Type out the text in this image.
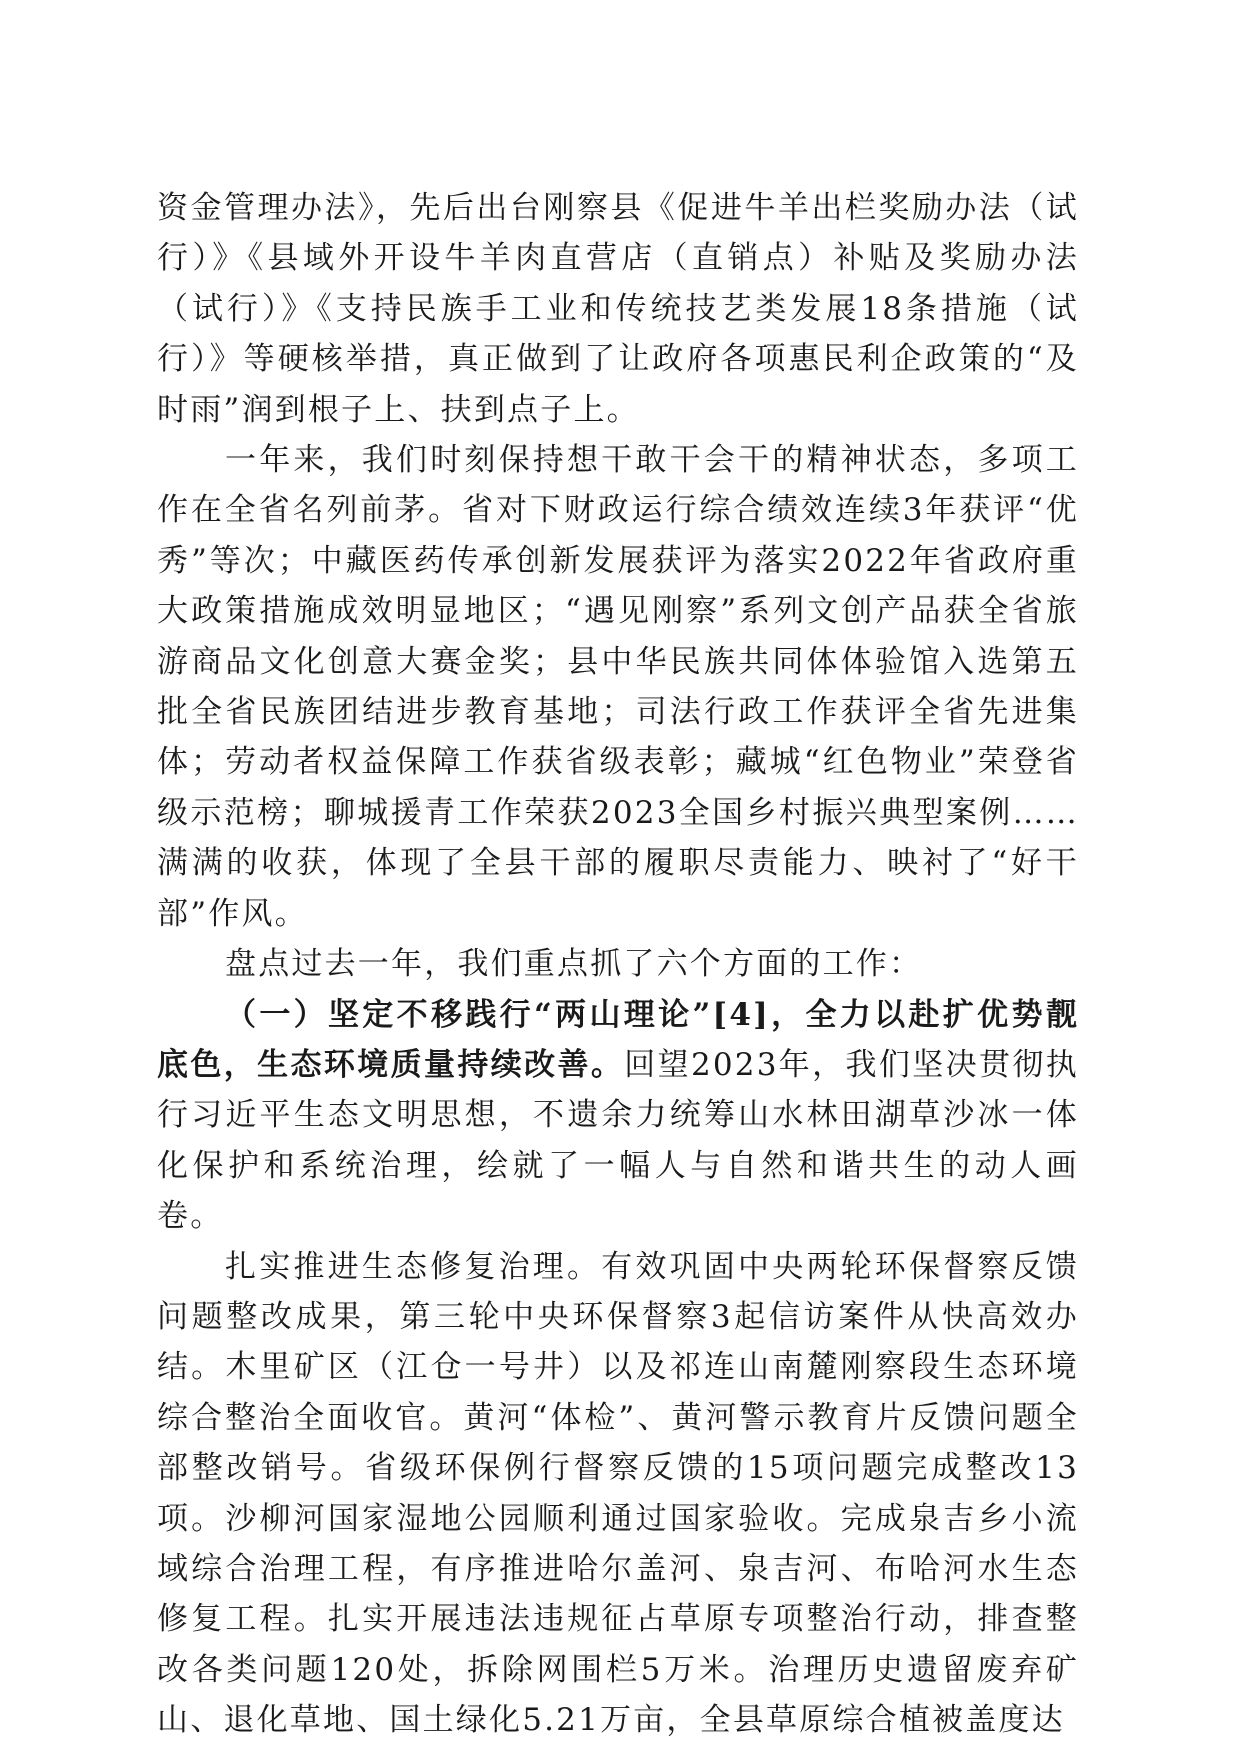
资金管理办法》，先后出台刚察县《促进牛羊出栏奖励办法（试行）》《县域外开设牛羊肉直营店（直销点）补贴及奖励办法（试行）》《支持民族手工业和传统技艺类发展18条措施（试行）》等硬核举措，真正做到了让政府各项惠民利企政策的“及时雨”润到根子上、扶到点子上。

一年来，我们时刻保持想干敢干会干的精神状态，多项工作在全省名列前茅。省对下财政运行综合绩效连续3年获评“优秀”等次；中藏医药传承创新发展获评为落实2022年省政府重大政策措施成效明显地区；“遇见刚察”系列文创产品获全省旅游商品文化创意大赛金奖；县中华民族共同体体验馆入选第五批全省民族团结进步教育基地；司法行政工作获评全省先进集体；劳动者权益保障工作获省级表彰；藏城“红色物业”荣登省级示范榜；聊城援青工作荣获2023全国乡村振兴典型案例……满满的收获，体现了全县干部的履职尽责能力、映衬了“好干部”作风。

盘点过去一年，我们重点抓了六个方面的工作：

（一）坚定不移践行“两山理论”[4]，全力以赴扩优势靓底色，生态环境质量持续改善。回望2023年，我们坚决贯彻执行习近平生态文明思想，不遗余力统筹山水林田湖草沙冰一体化保护和系统治理，绘就了一幅人与自然和谐共生的动人画卷。

扎实推进生态修复治理。有效巩固中央两轮环保督察反馈问题整改成果，第三轮中央环保督察3起信访案件从快高效办结。木里矿区（江仓一号井）以及祁连山南麓刚察段生态环境综合整治全面收官。黄河“体检”、黄河警示教育片反馈问题全部整改销号。省级环保例行督察反馈的15项问题完成整改13项。沙柳河国家湿地公园顺利通过国家验收。完成泉吉乡小流域综合治理工程，有序推进哈尔盖河、泉吉河、布哈河水生态修复工程。扎实开展违法违规征占草原专项整治行动，排查整改各类问题120处，拆除网围栏5万米。治理历史遗留废弃矿山、退化草地、国土绿化5.21万亩，全县草原综合植被盖度达
